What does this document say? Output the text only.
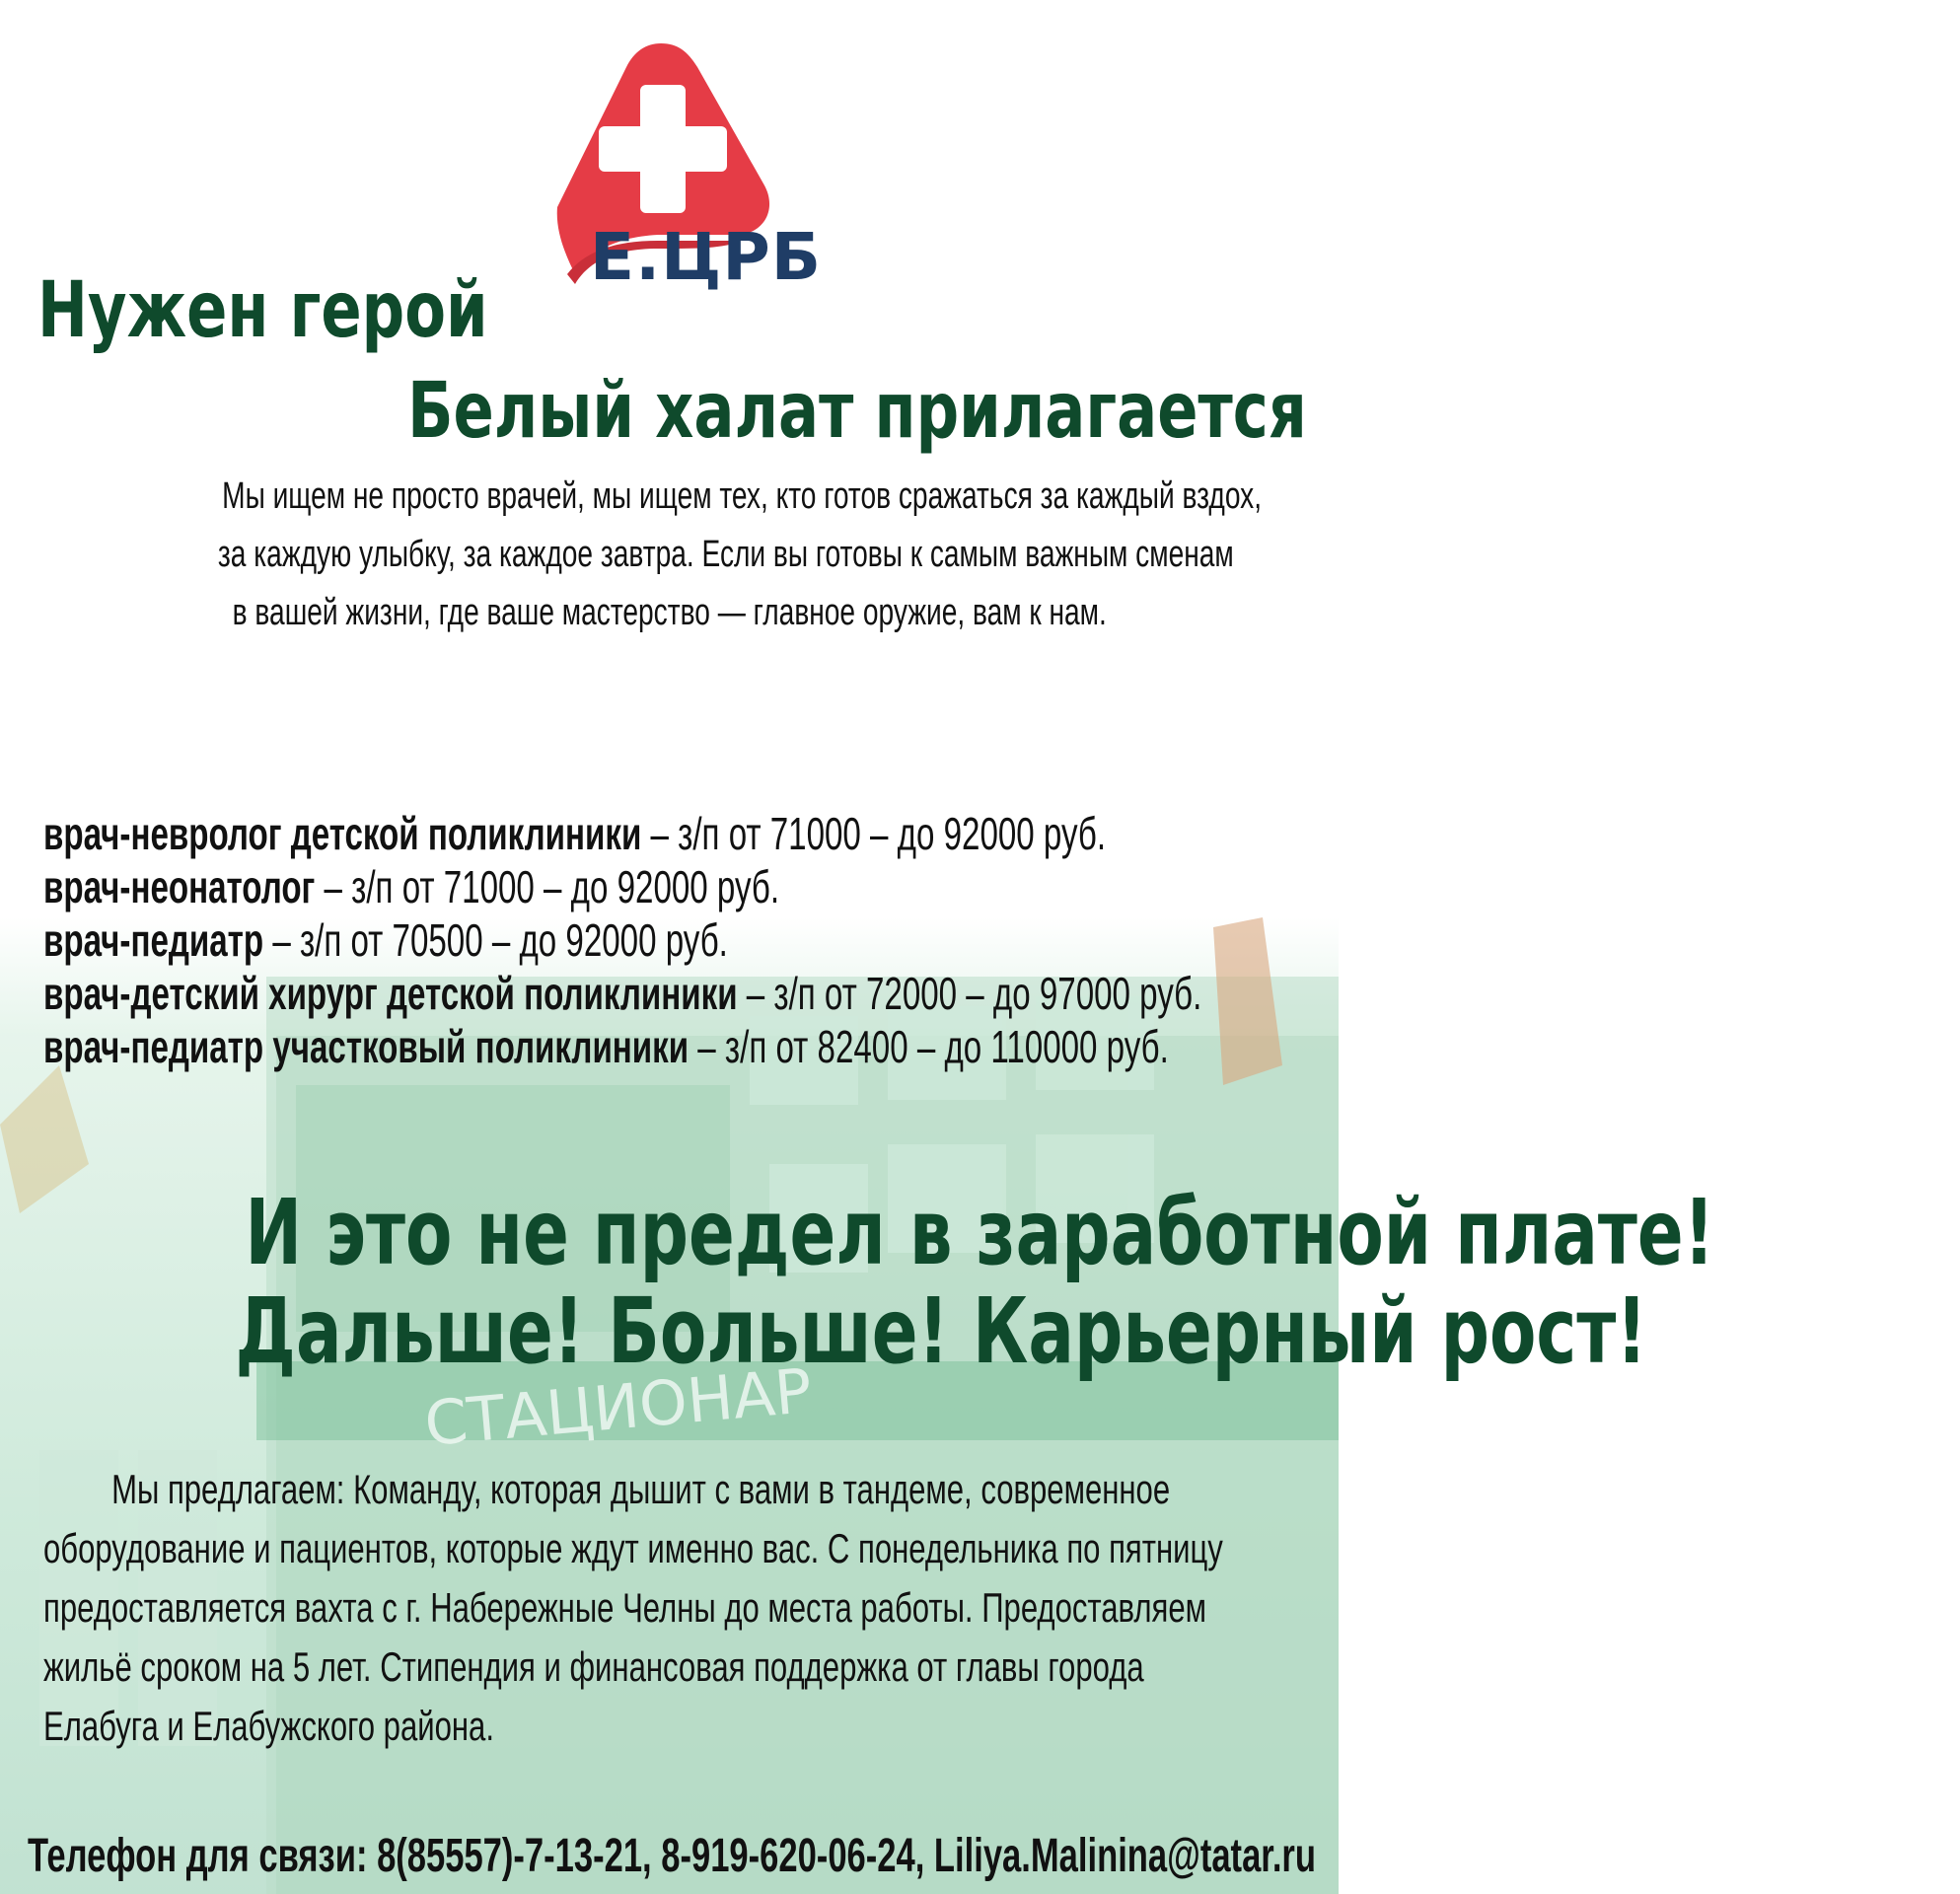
СТАЦИОНАР
Е.ЦРБ
Нужен герой
Белый халат прилагается
Мы ищем не просто врачей, мы ищем тех, кто готов сражаться за каждый вздох,
за каждую улыбку, за каждое завтра. Если вы готовы к самым важным сменам
в вашей жизни, где ваше мастерство — главное оружие, вам к нам.
врач-невролог детской поликлиники – з/п от 71000 – до 92000 руб.
врач-неонатолог – з/п от 71000 – до 92000 руб.
врач-педиатр – з/п от 70500 – до 92000 руб.
врач-детский хирург детской поликлиники – з/п от 72000 – до 97000 руб.
врач-педиатр участковый поликлиники – з/п от 82400 – до 110000 руб.
И это не предел в заработной плате!
Дальше! Больше! Карьерный рост!
Мы предлагаем: Команду, которая дышит с вами в тандеме, современное
оборудование и пациентов, которые ждут именно вас. С понедельника по пятницу
предоставляется вахта с г. Набережные Челны до места работы. Предоставляем
жильё сроком на 5 лет. Стипендия и финансовая поддержка от главы города
Елабуга и Елабужского района.
Телефон для связи: 8(85557)-7-13-21, 8-919-620-06-24, Liliya.Malinina@tatar.ru
